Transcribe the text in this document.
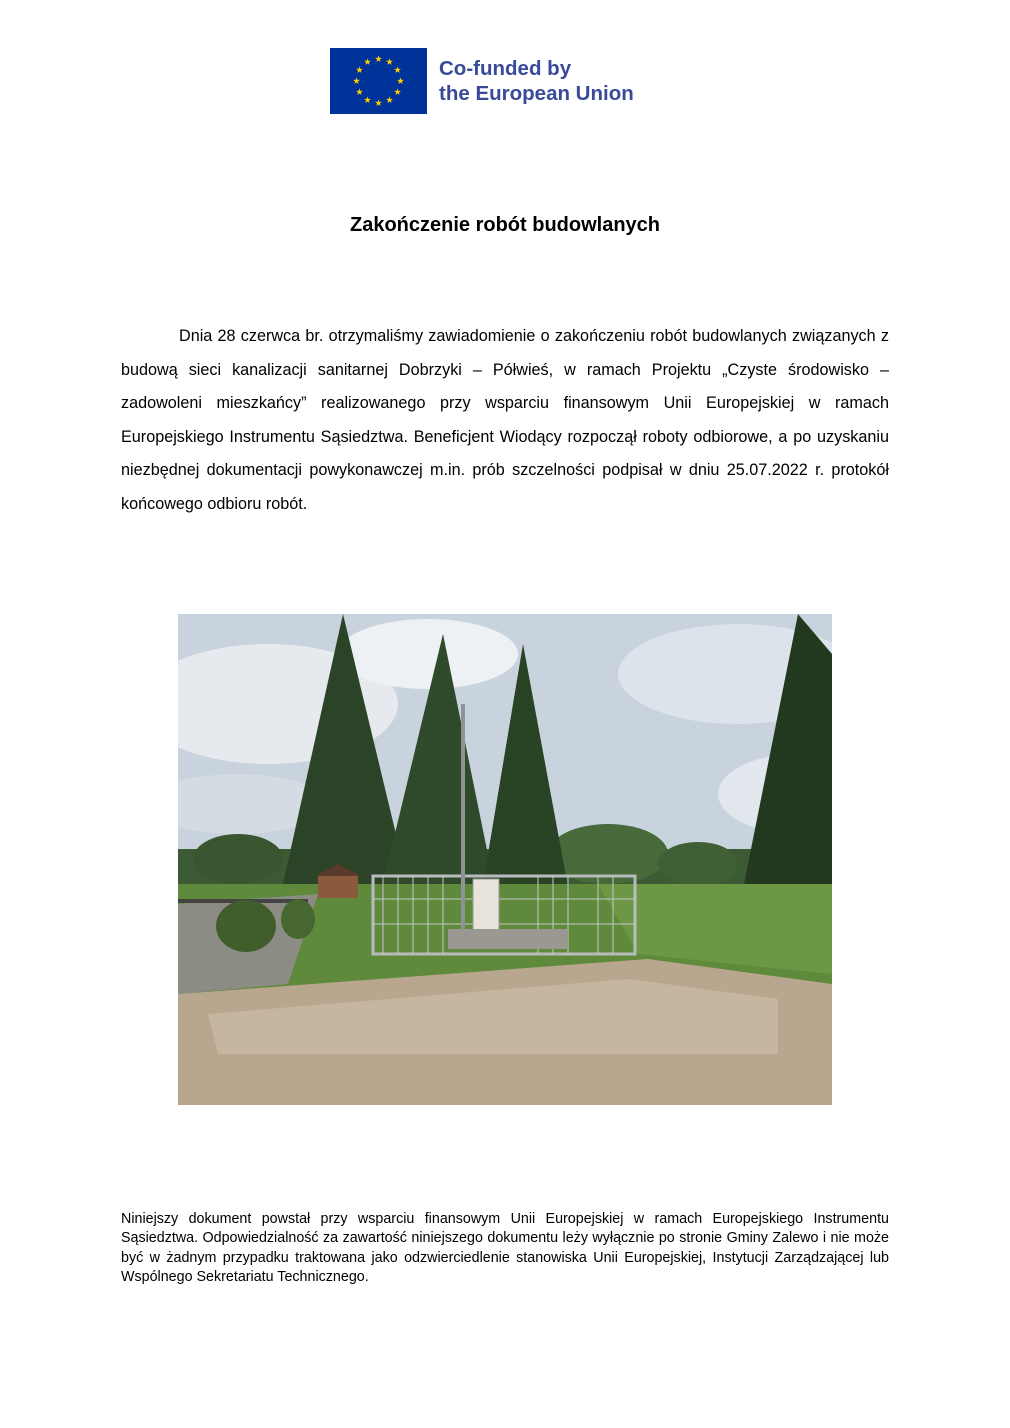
Co-funded by
the European Union
Zakończenie robót budowlanych

Dnia 28 czerwca br. otrzymaliśmy zawiadomienie o zakończeniu robót budowlanych związanych z budową sieci kanalizacji sanitarnej Dobrzyki – Półwieś, w ramach Projektu „Czyste środowisko – zadowoleni mieszkańcy” realizowanego przy wsparciu finansowym Unii Europejskiej w ramach Europejskiego Instrumentu Sąsiedztwa. Beneficjent Wiodący rozpoczął roboty odbiorowe, a po uzyskaniu niezbędnej dokumentacji powykonawczej m.in. prób szczelności podpisał w dniu 25.07.2022 r. protokół końcowego odbioru robót.

Niniejszy dokument powstał przy wsparciu finansowym Unii Europejskiej w ramach Europejskiego Instrumentu Sąsiedztwa. Odpowiedzialność za zawartość niniejszego dokumentu leży wyłącznie po stronie Gminy Zalewo i nie może być w żadnym przypadku traktowana jako odzwierciedlenie stanowiska Unii Europejskiej, Instytucji Zarządzającej lub Wspólnego Sekretariatu Technicznego.
